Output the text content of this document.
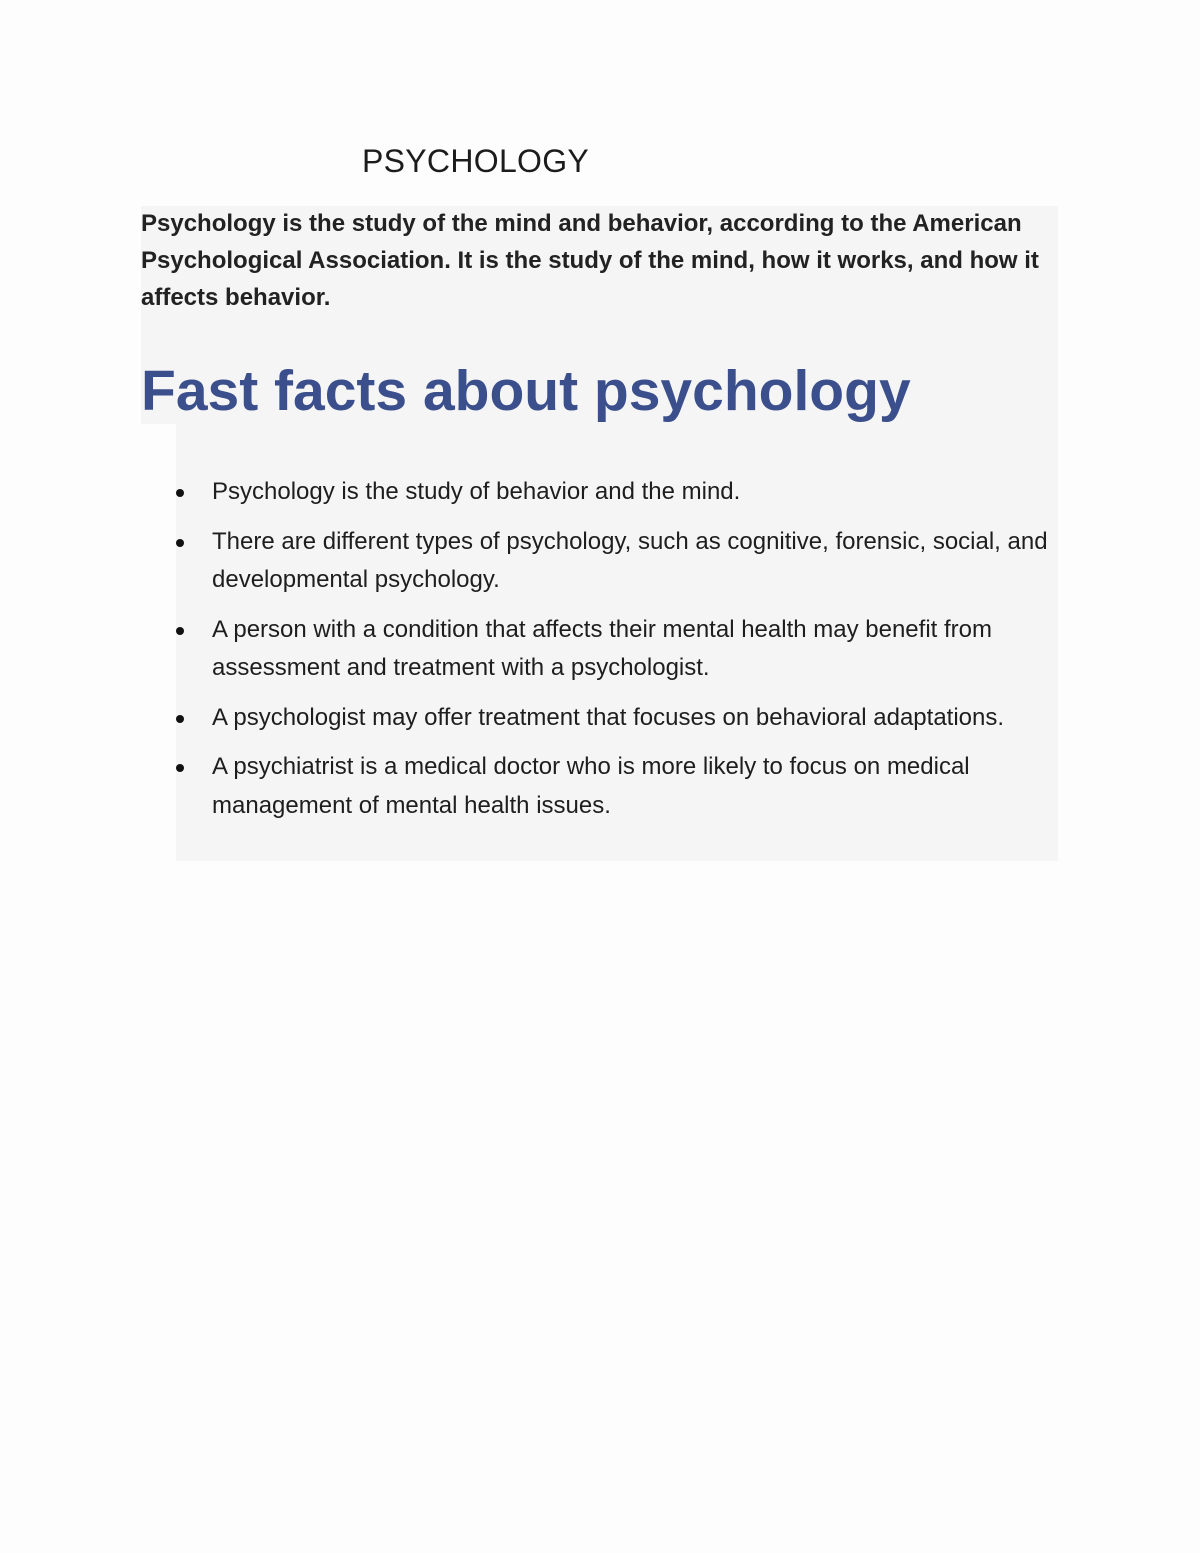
PSYCHOLOGY
Psychology is the study of the mind and behavior, according to the American Psychological Association. It is the study of the mind, how it works, and how it affects behavior.
Fast facts about psychology
Psychology is the study of behavior and the mind.
There are different types of psychology, such as cognitive, forensic, social, and developmental psychology.
A person with a condition that affects their mental health may benefit from assessment and treatment with a psychologist.
A psychologist may offer treatment that focuses on behavioral adaptations.
A psychiatrist is a medical doctor who is more likely to focus on medical management of mental health issues.
